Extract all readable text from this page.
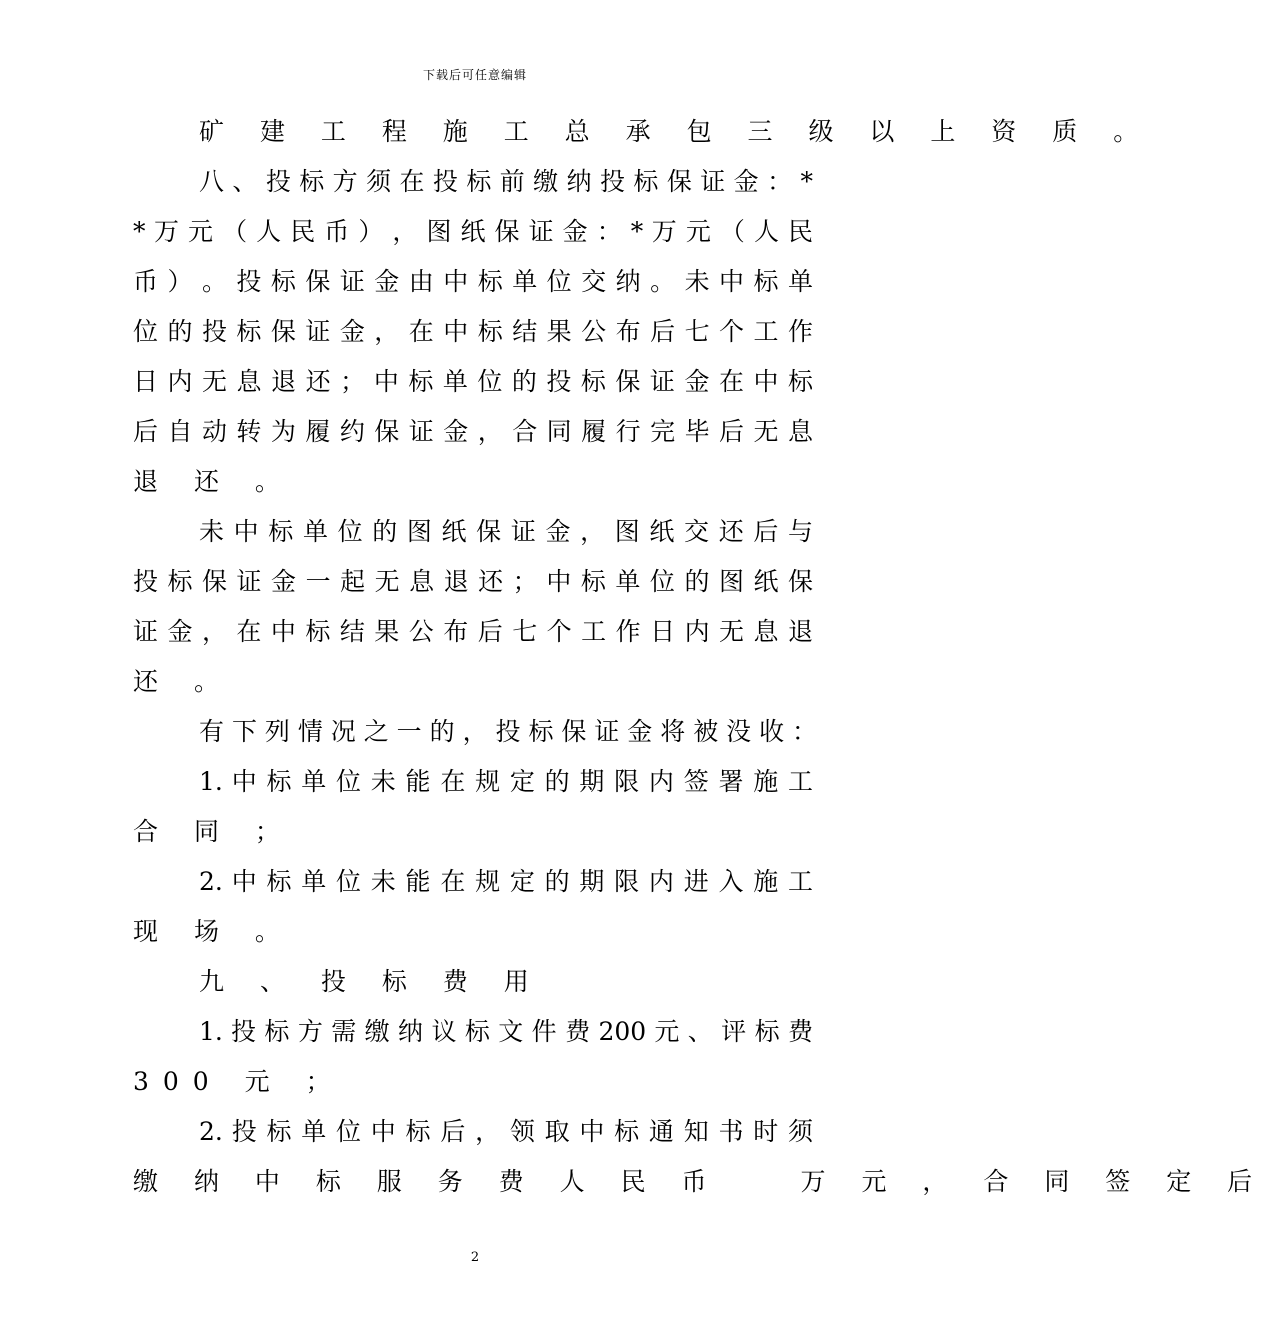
下载后可任意编辑
矿 建 工 程 施 工 总 承 包 三 级 以 上 资 质 。
八 、 投 标 方 须 在 投 标 前 缴 纳 投 标 保 证 金 ： *
* 万 元 （ 人 民 币 ） ， 图 纸 保 证 金 ： * 万 元 （ 人 民
币 ） 。 投 标 保 证 金 由 中 标 单 位 交 纳 。 未 中 标 单
位 的 投 标 保 证 金 ， 在 中 标 结 果 公 布 后 七 个 工 作
日 内 无 息 退 还 ； 中 标 单 位 的 投 标 保 证 金 在 中 标
后 自 动 转 为 履 约 保 证 金 ， 合 同 履 行 完 毕 后 无 息
退 还 。
未 中 标 单 位 的 图 纸 保 证 金 ， 图 纸 交 还 后 与
投 标 保 证 金 一 起 无 息 退 还 ； 中 标 单 位 的 图 纸 保
证 金 ， 在 中 标 结 果 公 布 后 七 个 工 作 日 内 无 息 退
还 。
有 下 列 情 况 之 一 的 ， 投 标 保 证 金 将 被 没 收 ：
1. 中 标 单 位 未 能 在 规 定 的 期 限 内 签 署 施 工
合 同 ；
2. 中 标 单 位 未 能 在 规 定 的 期 限 内 进 入 施 工
现 场 。
九 、 投 标 费 用
1. 投 标 方 需 缴 纳 议 标 文 件 费 200 元 、 评 标 费
300 元 ；
2. 投 标 单 位 中 标 后 ， 领 取 中 标 通 知 书 时 须
缴 纳 中 标 服 务 费 人 民 币	万 元 ， 合 同 签 定 后
2
